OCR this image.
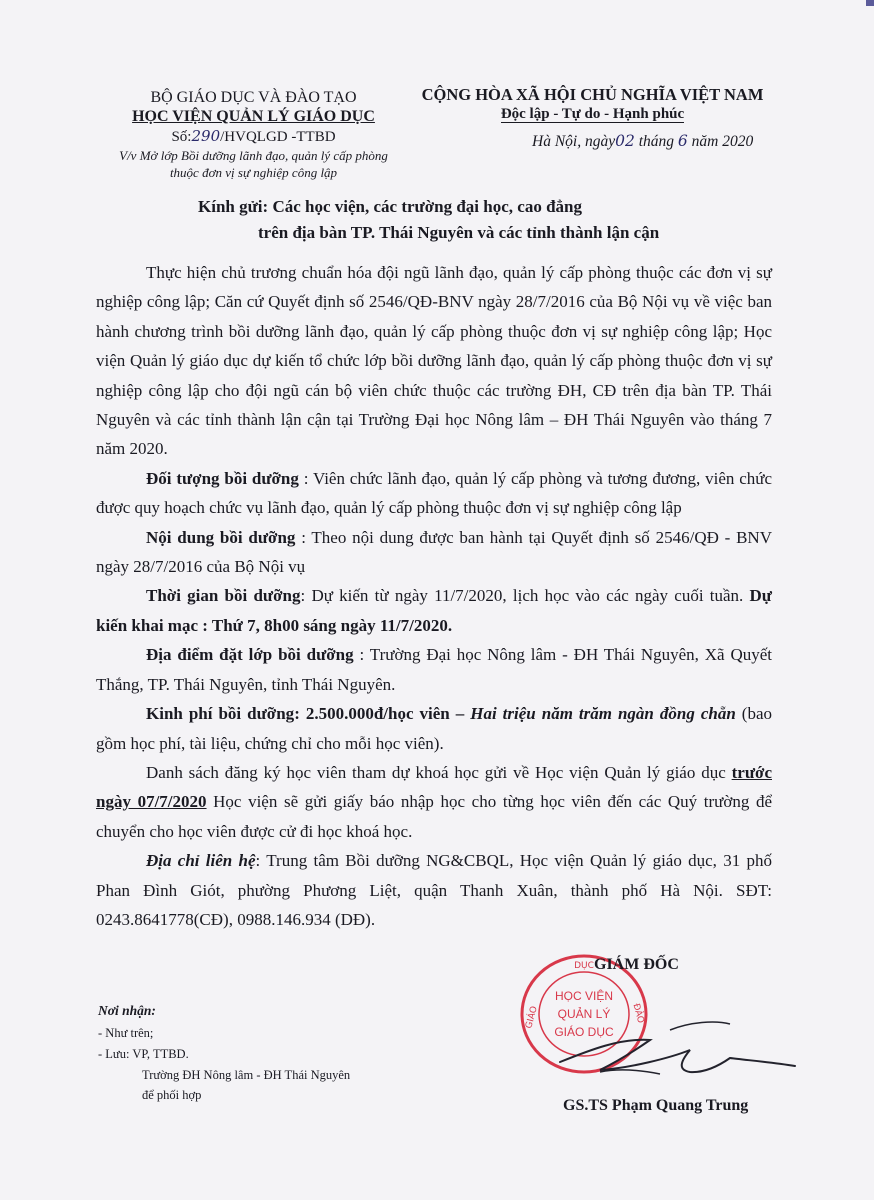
BỘ GIÁO DỤC VÀ ĐÀO TẠO
HỌC VIỆN QUẢN LÝ GIÁO DỤC
Số:290/HVQLGD -TTBD
V/v Mở lớp Bồi dưỡng lãnh đạo, quản lý cấp phòng
thuộc đơn vị sự nghiệp công lập
CỘNG HÒA XÃ HỘI CHỦ NGHĨA VIỆT NAM
Độc lập - Tự do - Hạnh phúc
Hà Nội, ngày02 tháng 6 năm 2020
Kính gửi: Các học viện, các trường đại học, cao đẳng
trên địa bàn TP. Thái Nguyên và các tỉnh thành lận cận

Thực hiện chủ trương chuẩn hóa đội ngũ lãnh đạo, quản lý cấp phòng thuộc các đơn vị sự nghiệp công lập; Căn cứ Quyết định số 2546/QĐ-BNV ngày 28/7/2016 của Bộ Nội vụ về việc ban hành chương trình bồi dưỡng lãnh đạo, quản lý cấp phòng thuộc đơn vị sự nghiệp công lập; Học viện Quản lý giáo dục dự kiến tổ chức lớp bồi dưỡng lãnh đạo, quản lý cấp phòng thuộc đơn vị sự nghiệp công lập cho đội ngũ cán bộ viên chức thuộc các trường ĐH, CĐ trên địa bàn TP. Thái Nguyên và các tỉnh thành lận cận tại Trường Đại học Nông lâm – ĐH Thái Nguyên vào tháng 7 năm 2020.

Đối tượng bồi dưỡng : Viên chức lãnh đạo, quản lý cấp phòng và tương đương, viên chức được quy hoạch chức vụ lãnh đạo, quản lý cấp phòng thuộc đơn vị sự nghiệp công lập

Nội dung bồi dưỡng : Theo nội dung được ban hành tại Quyết định số 2546/QĐ - BNV ngày 28/7/2016 của Bộ Nội vụ

Thời gian bồi dưỡng: Dự kiến từ ngày 11/7/2020, lịch học vào các ngày cuối tuần. Dự kiến khai mạc : Thứ 7, 8h00 sáng ngày 11/7/2020.

Địa điểm đặt lớp bồi dưỡng : Trường Đại học Nông lâm - ĐH Thái Nguyên, Xã Quyết Thắng, TP. Thái Nguyên, tỉnh Thái Nguyên.

Kinh phí bồi dưỡng: 2.500.000đ/học viên – Hai triệu năm trăm ngàn đồng chẵn (bao gồm học phí, tài liệu, chứng chỉ cho mỗi học viên).

Danh sách đăng ký học viên tham dự khoá học gửi về Học viện Quản lý giáo dục trước ngày 07/7/2020 Học viện sẽ gửi giấy báo nhập học cho từng học viên đến các Quý trường để chuyển cho học viên được cử đi học khoá học.

Địa chỉ liên hệ: Trung tâm Bồi dưỡng NG&CBQL, Học viện Quản lý giáo dục, 31 phố Phan Đình Giót, phường Phương Liệt, quận Thanh Xuân, thành phố Hà Nội. SĐT: 0243.8641778(CĐ), 0988.146.934 (DĐ).

Nơi nhận:
- Như trên;
- Lưu: VP, TTBD.
Trường ĐH Nông lâm - ĐH Thái Nguyên
để phối hợp
DỤC
GIÁO	ĐÀO
HỌC VIỆN
QUẢN LÝ
GIÁO DỤC
GIÁM ĐỐC
GS.TS Phạm Quang Trung
